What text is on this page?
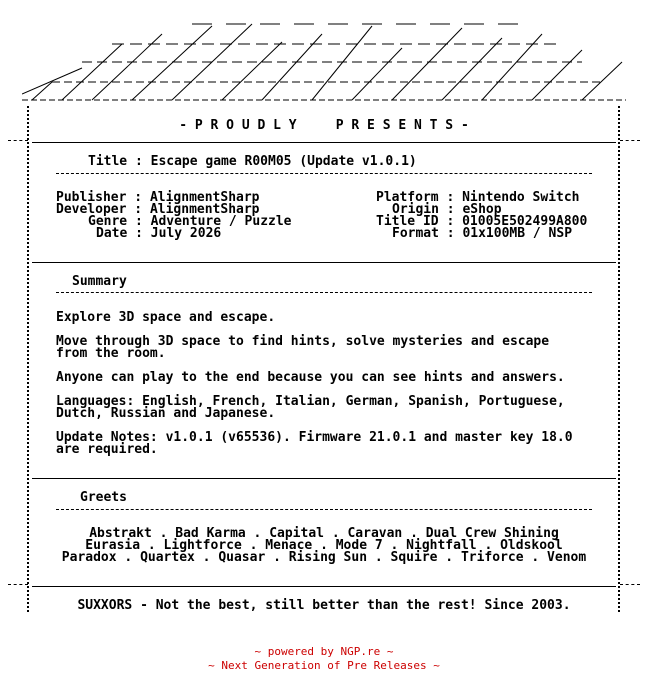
- P R O U D L Y     P R E S E N T S -
Title : Escape game R00M05 (Update v1.0.1)
Publisher : AlignmentSharp
Developer : AlignmentSharp
Genre : Adventure / Puzzle
Date : July 2026
Platform : Nintendo Switch
Origin : eShop
Title ID : 01005E502499A800
Format : 01x100MB / NSP
Summary
Explore 3D space and escape.
Move through 3D space to find hints, solve mysteries and escape
from the room.
Anyone can play to the end because you can see hints and answers.
Languages: English, French, Italian, German, Spanish, Portuguese,
Dutch, Russian and Japanese.
Update Notes: v1.0.1 (v65536). Firmware 21.0.1 and master key 18.0
are required.
Greets
Abstrakt . Bad Karma . Capital . Caravan . Dual Crew Shining
Eurasia . Lightforce . Menace . Mode 7 . Nightfall . Oldskool
Paradox . Quartex . Quasar . Rising Sun . Squire . Triforce . Venom
SUXXORS - Not the best, still better than the rest! Since 2003.
~ powered by NGP.re ~
~ Next Generation of Pre Releases ~
